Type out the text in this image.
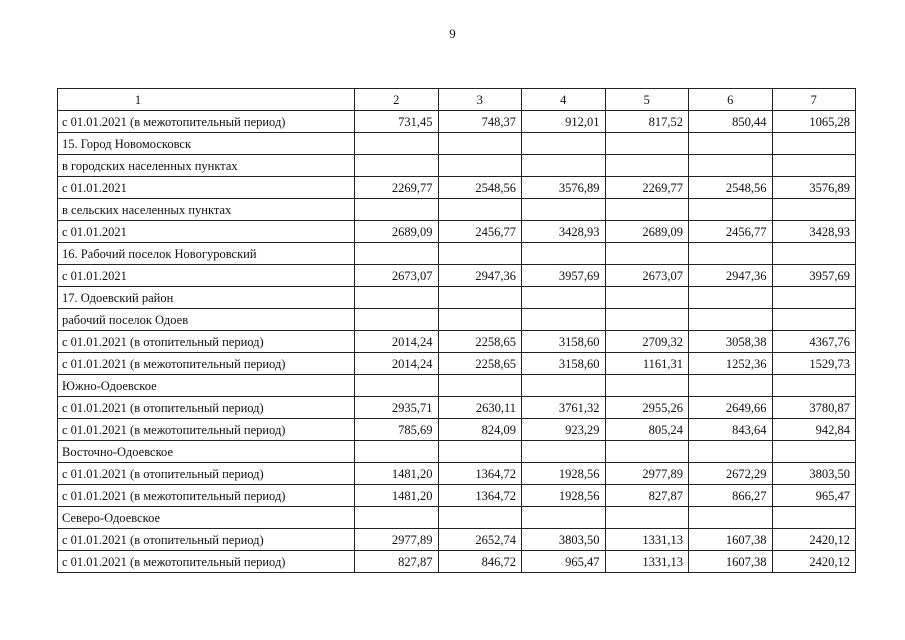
9
1	2	3	4	5	6	7
с 01.01.2021 (в межотопительный период)	731,45	748,37	912,01	817,52	850,44	1065,28
15. Город Новомосковск						
в городских населенных пунктах						
с 01.01.2021	2269,77	2548,56	3576,89	2269,77	2548,56	3576,89
в сельских населенных пунктах						
с 01.01.2021	2689,09	2456,77	3428,93	2689,09	2456,77	3428,93
16. Рабочий поселок Новогуровский						
с 01.01.2021	2673,07	2947,36	3957,69	2673,07	2947,36	3957,69
17. Одоевский район						
рабочий поселок Одоев						
с 01.01.2021 (в отопительный период)	2014,24	2258,65	3158,60	2709,32	3058,38	4367,76
с 01.01.2021 (в межотопительный период)	2014,24	2258,65	3158,60	1161,31	1252,36	1529,73
Южно-Одоевское						
с 01.01.2021 (в отопительный период)	2935,71	2630,11	3761,32	2955,26	2649,66	3780,87
с 01.01.2021 (в межотопительный период)	785,69	824,09	923,29	805,24	843,64	942,84
Восточно-Одоевское						
с 01.01.2021 (в отопительный период)	1481,20	1364,72	1928,56	2977,89	2672,29	3803,50
с 01.01.2021 (в межотопительный период)	1481,20	1364,72	1928,56	827,87	866,27	965,47
Северо-Одоевское						
с 01.01.2021 (в отопительный период)	2977,89	2652,74	3803,50	1331,13	1607,38	2420,12
с 01.01.2021 (в межотопительный период)	827,87	846,72	965,47	1331,13	1607,38	2420,12
